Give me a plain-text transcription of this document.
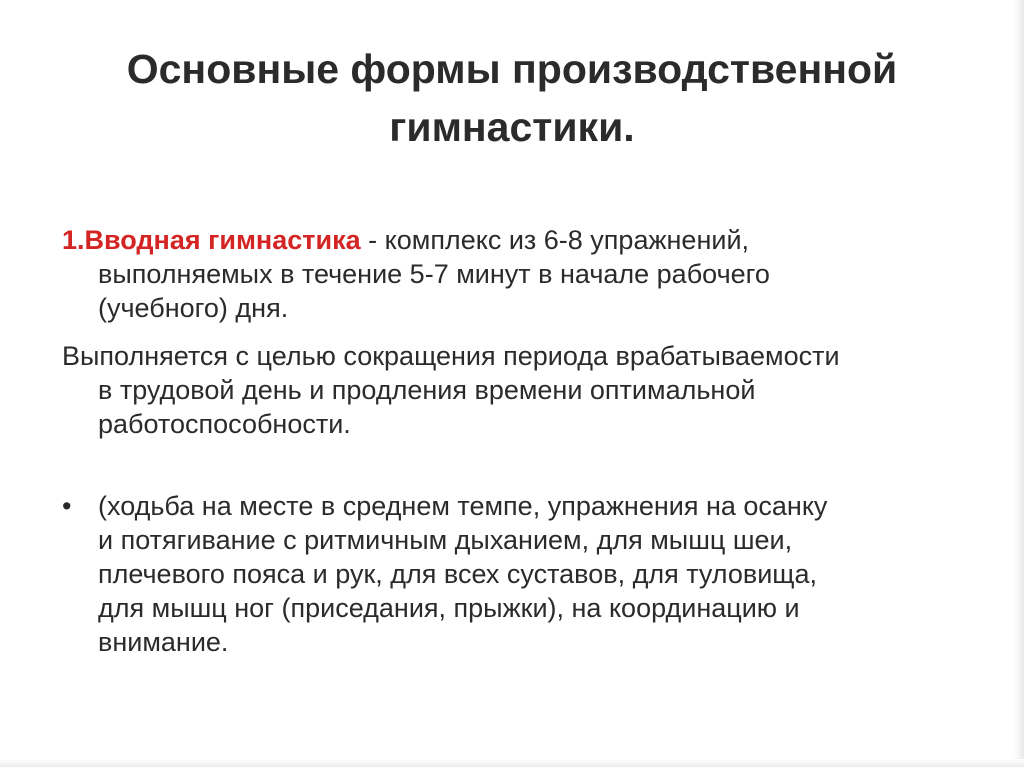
Основные формы производственной
гимнастики.

1.Вводная гимнастика - комплекс из 6-8 упражнений,
выполняемых в течение 5-7 минут в начале рабочего
(учебного) дня.

Выполняется с целью сокращения периода врабатываемости
в трудовой день и продления времени оптимальной
работоспособности.

• (ходьба на месте в среднем темпе, упражнения на осанку
и потягивание с ритмичным дыханием, для мышц шеи,
плечевого пояса и рук, для всех суставов, для туловища,
для мышц ног (приседания, прыжки), на координацию и
внимание.
